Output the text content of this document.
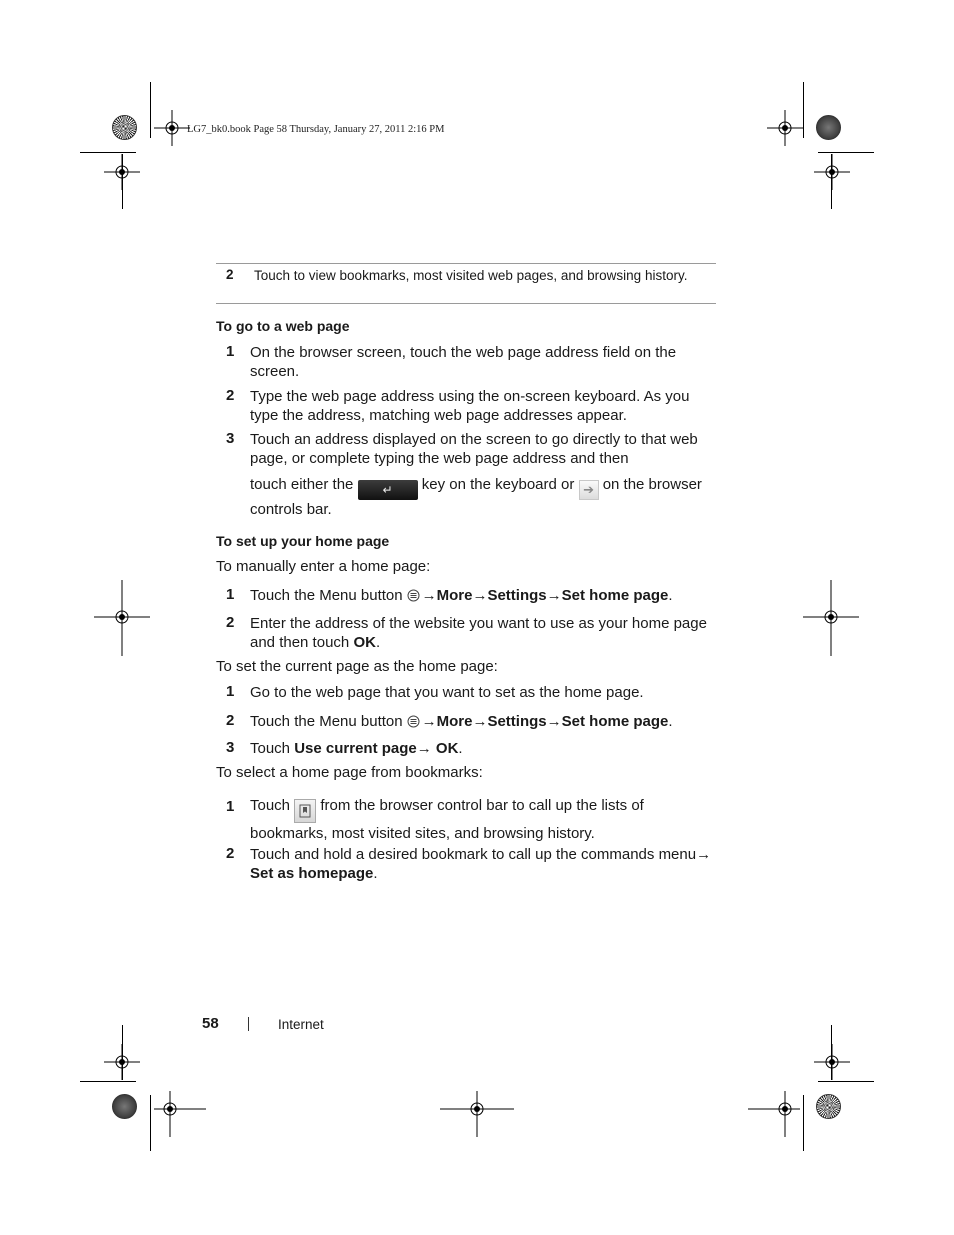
LG7_bk0.book Page 58 Thursday, January 27, 2011 2:16 PM
2 Touch to view bookmarks, most visited web pages, and browsing history.
To go to a web page
1 On the browser screen, touch the web page address field on the screen.
2 Type the web page address using the on-screen keyboard. As you type the address, matching web page addresses appear.
3 Touch an address displayed on the screen to go directly to that web page, or complete typing the web page address and then
touch either the ↵ key on the keyboard or ➔ on the browser controls bar.
To set up your home page
To manually enter a home page:
1 Touch the Menu button →More→Settings→Set home page.
2 Enter the address of the website you want to use as your home page and then touch OK.
To set the current page as the home page:
1 Go to the web page that you want to set as the home page.
2 Touch the Menu button →More→Settings→Set home page.
3 Touch Use current page→ OK.
To select a home page from bookmarks:
1 Touch from the browser control bar to call up the lists of bookmarks, most visited sites, and browsing history.
2 Touch and hold a desired bookmark to call up the commands menu→ Set as homepage.
58	Internet
